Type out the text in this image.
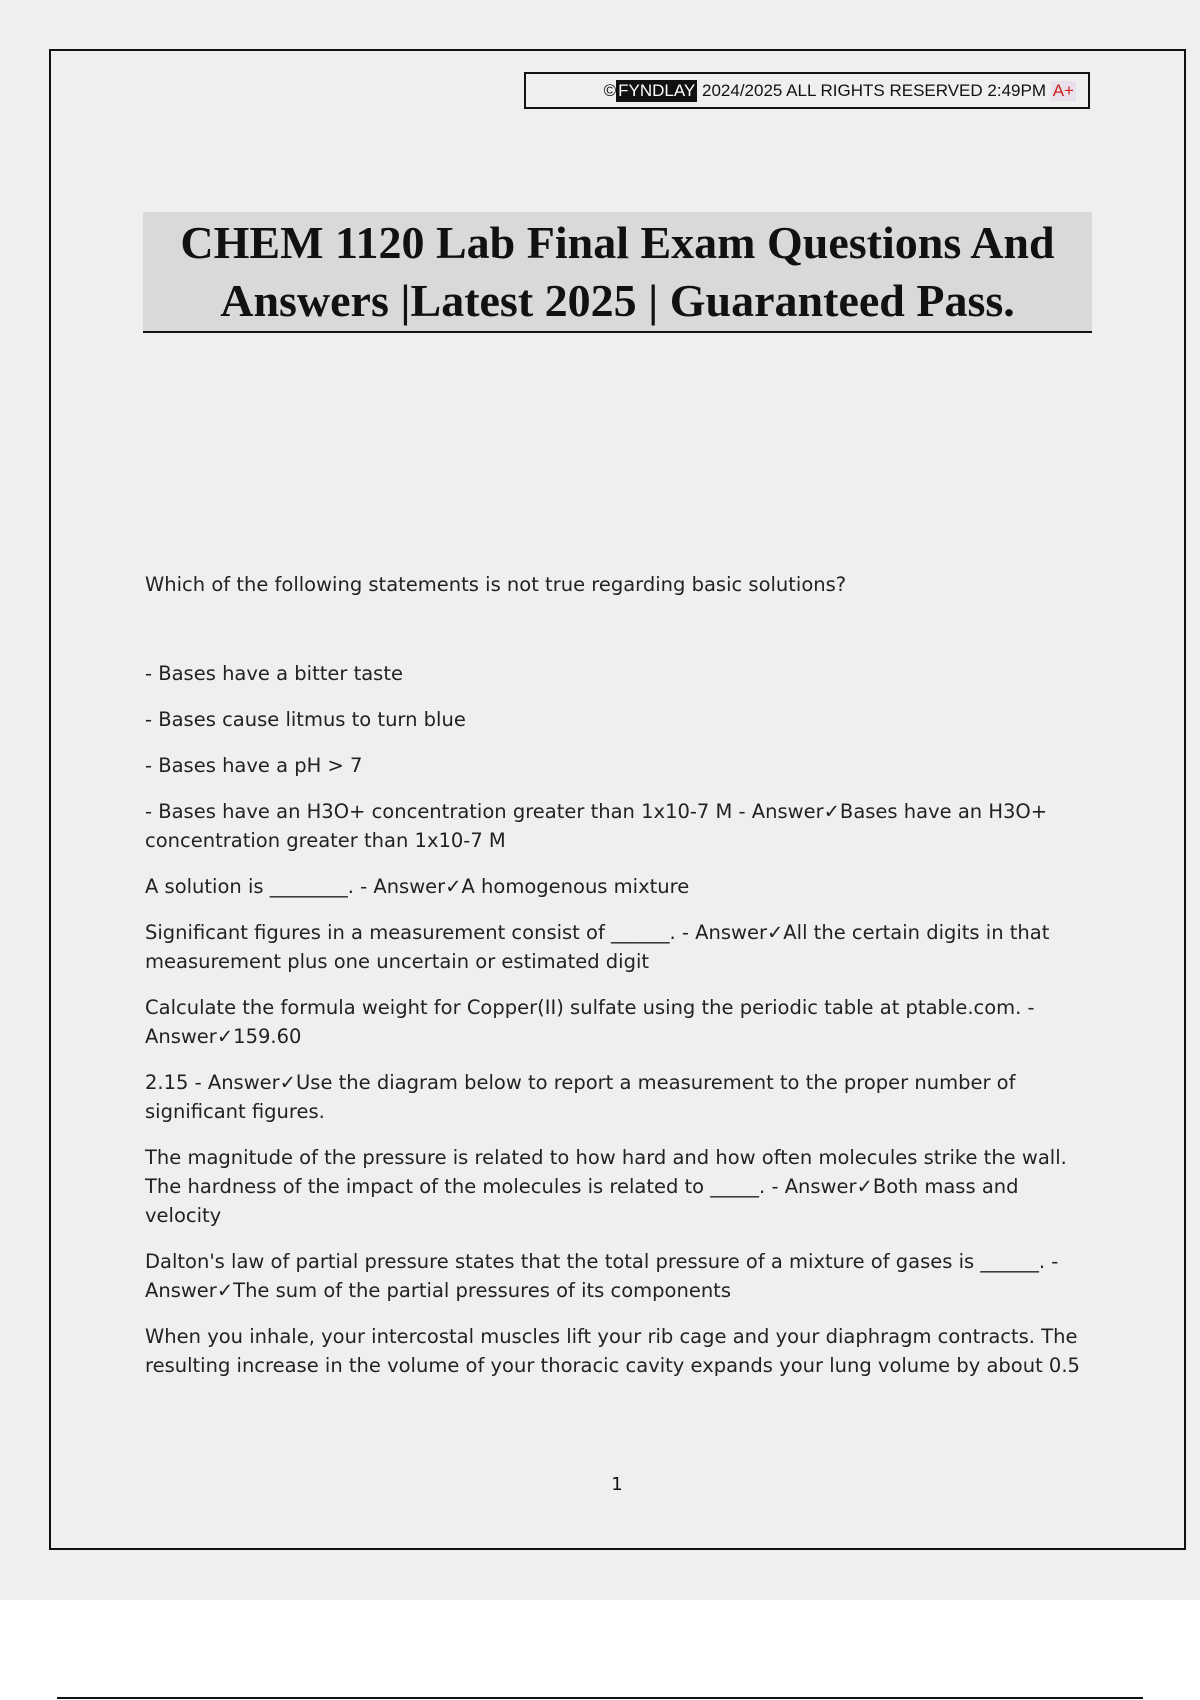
© FYNDLAY
2024/2025 ALL RIGHTS RESERVED 2:49PM
A+
CHEM 1120 Lab Final Exam Questions And
Answers |Latest 2025 | Guaranteed Pass.

Which of the following statements is not true regarding basic solutions?

- Bases have a bitter taste

- Bases cause litmus to turn blue

- Bases have a pH > 7

- Bases have an H3O+ concentration greater than 1x10-7 M - Answer✓Bases have an H3O+ concentration greater than 1x10-7 M

A solution is ________. - Answer✓A homogenous mixture

Significant figures in a measurement consist of ______. - Answer✓All the certain digits in that measurement plus one uncertain or estimated digit

Calculate the formula weight for Copper(II) sulfate using the periodic table at ptable.com. - Answer✓159.60

2.15 - Answer✓Use the diagram below to report a measurement to the proper number of significant figures.

The magnitude of the pressure is related to how hard and how often molecules strike the wall. The hardness of the impact of the molecules is related to _____. - Answer✓Both mass and velocity

Dalton's law of partial pressure states that the total pressure of a mixture of gases is ______. - Answer✓The sum of the partial pressures of its components

When you inhale, your intercostal muscles lift your rib cage and your diaphragm contracts. The resulting increase in the volume of your thoracic cavity expands your lung volume by about 0.5

1
